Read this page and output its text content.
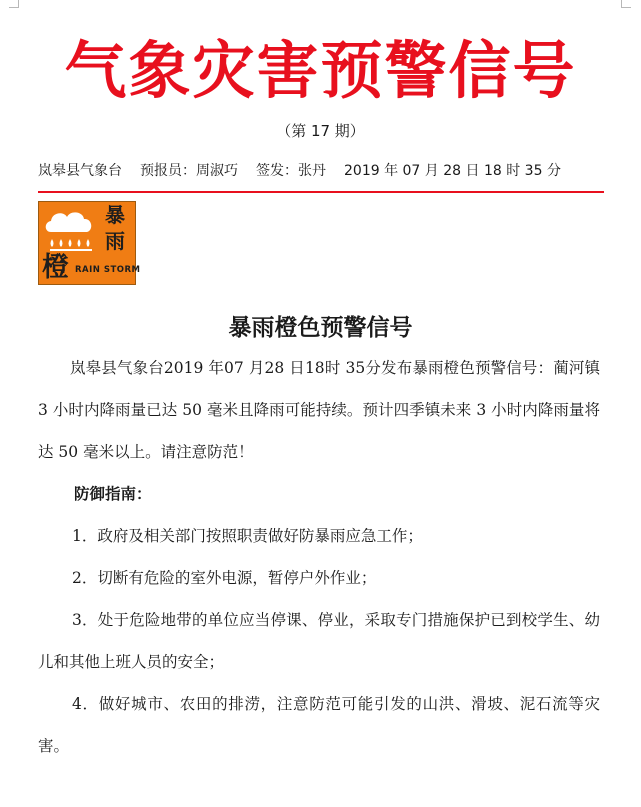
气象灾害预警信号
（第 17 期）
岚皋县气象台 预报员：周淑巧 签发：张丹 2019 年 07 月 28 日 18 时 35 分
暴
雨
橙 RAIN STORM
暴雨橙色预警信号

岚皋县气象台2019 年07 月28 日18时 35分发布暴雨橙色预警信号：蔺河镇 3 小时内降雨量已达 50 毫米且降雨可能持续。预计四季镇未来 3 小时内降雨量将达 50 毫米以上。请注意防范！

防御指南：

1．政府及相关部门按照职责做好防暴雨应急工作；

2．切断有危险的室外电源，暂停户外作业；

3．处于危险地带的单位应当停课、停业，采取专门措施保护已到校学生、幼儿和其他上班人员的安全；

4．做好城市、农田的排涝，注意防范可能引发的山洪、滑坡、泥石流等灾害。
